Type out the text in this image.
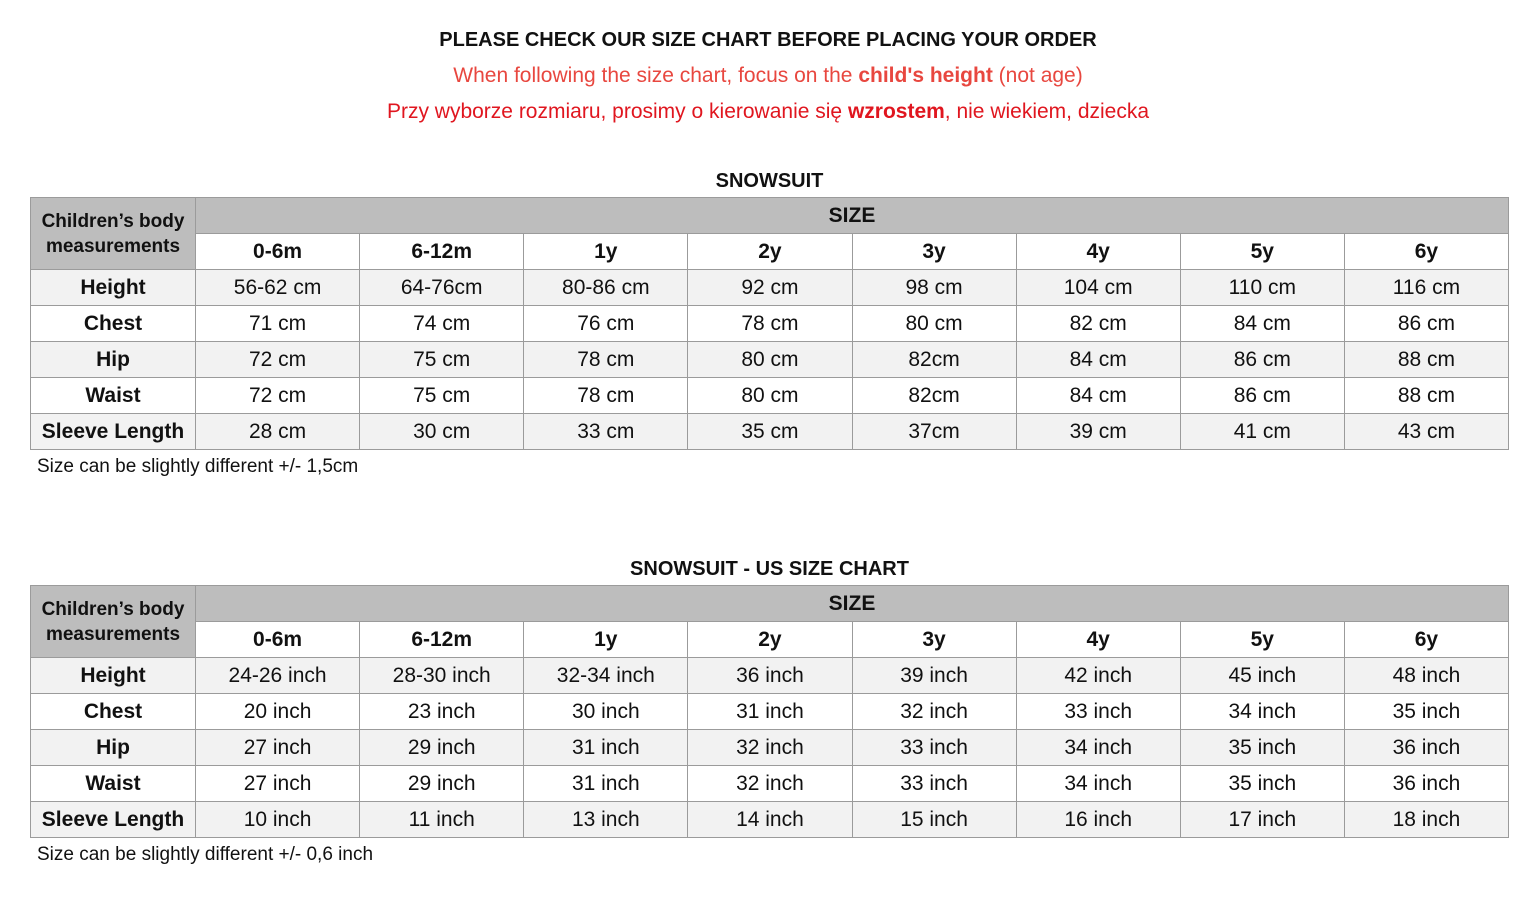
PLEASE CHECK OUR SIZE CHART BEFORE PLACING YOUR ORDER
When following the size chart, focus on the child's height (not age)
Przy wyborze rozmiaru, prosimy o kierowanie się wzrostem, nie wiekiem, dziecka
SNOWSUIT
Children’s body measurements	SIZE							
	0-6m	6-12m	1y	2y	3y	4y	5y	6y
Height	56-62 cm	64-76cm	80-86 cm	92 cm	98 cm	104 cm	110 cm	116 cm
Chest	71 cm	74 cm	76 cm	78 cm	80 cm	82 cm	84 cm	86 cm
Hip	72 cm	75 cm	78 cm	80 cm	82cm	84 cm	86 cm	88 cm
Waist	72 cm	75 cm	78 cm	80 cm	82cm	84 cm	86 cm	88 cm
Sleeve Length	28 cm	30 cm	33 cm	35 cm	37cm	39 cm	41 cm	43 cm
Size can be slightly different +/- 1,5cm
SNOWSUIT - US SIZE CHART
Children’s body measurements	SIZE							
	0-6m	6-12m	1y	2y	3y	4y	5y	6y
Height	24-26 inch	28-30 inch	32-34 inch	36 inch	39 inch	42 inch	45 inch	48 inch
Chest	20 inch	23 inch	30 inch	31 inch	32 inch	33 inch	34 inch	35 inch
Hip	27 inch	29 inch	31 inch	32 inch	33 inch	34 inch	35 inch	36 inch
Waist	27 inch	29 inch	31 inch	32 inch	33 inch	34 inch	35 inch	36 inch
Sleeve Length	10 inch	11 inch	13 inch	14 inch	15 inch	16 inch	17 inch	18 inch
Size can be slightly different +/- 0,6 inch
